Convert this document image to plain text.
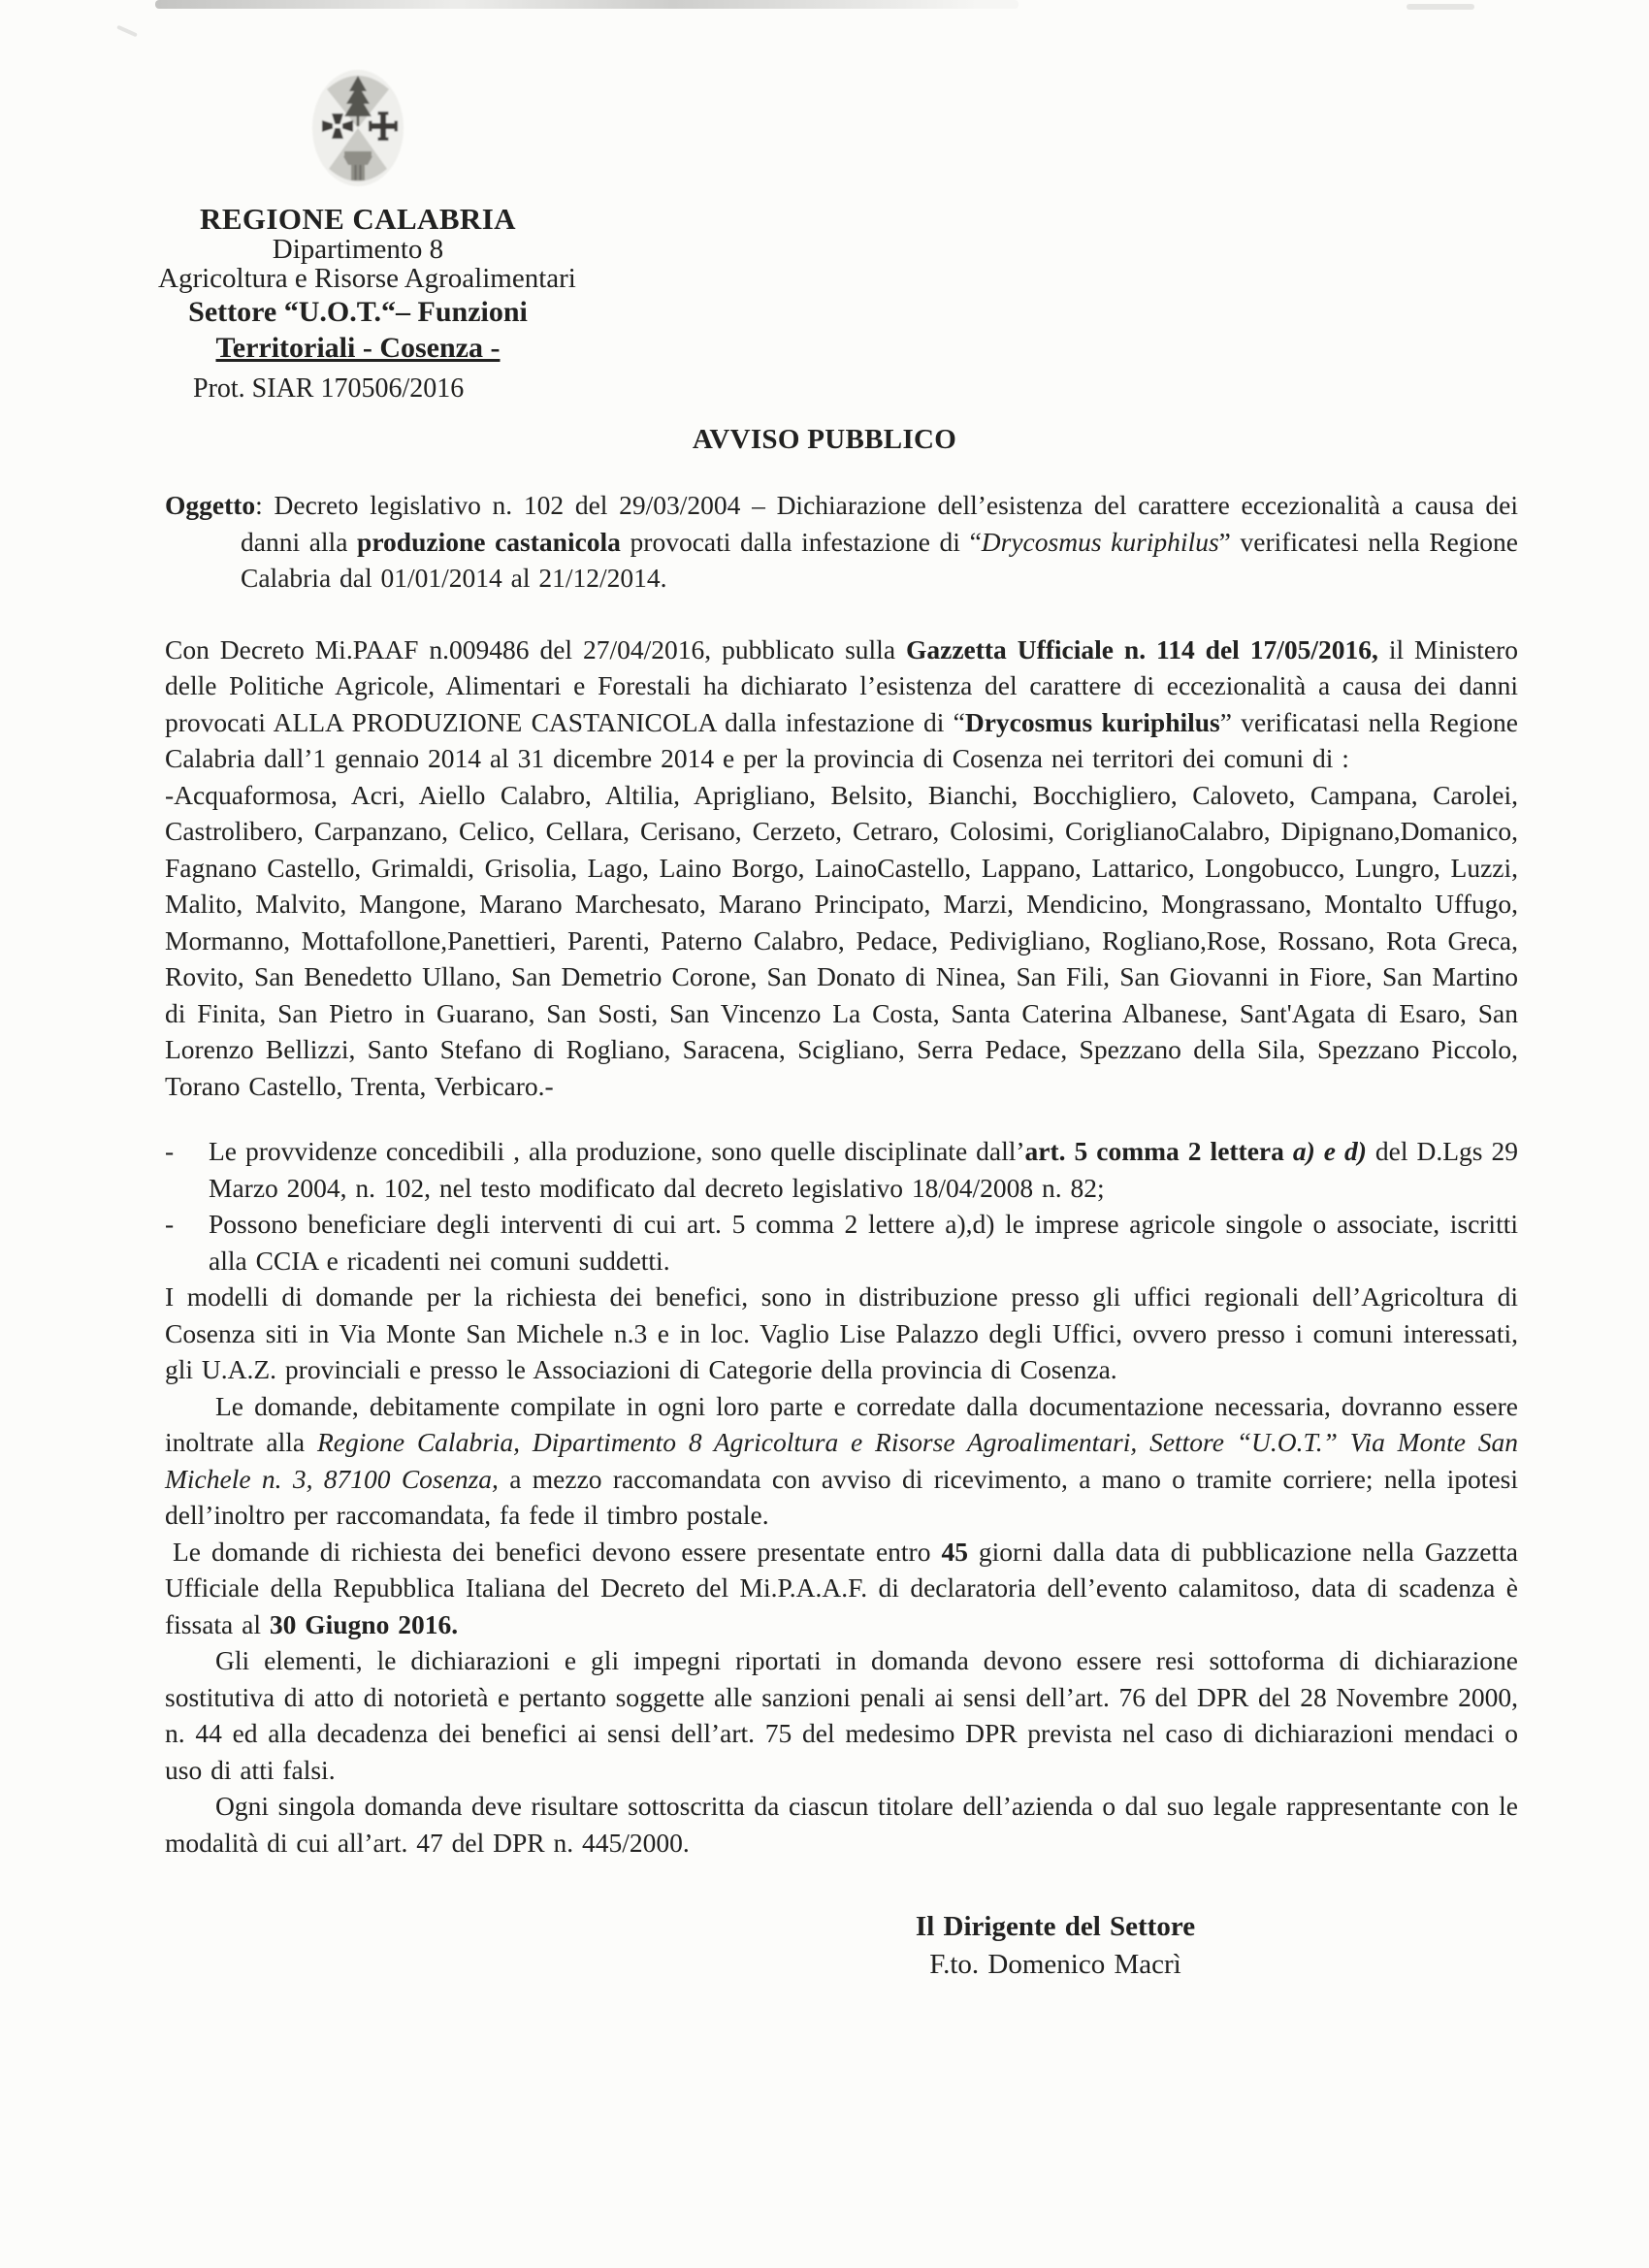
REGIONE CALABRIA
Dipartimento 8
Agricoltura e Risorse Agroalimentari
Settore “U.O.T.“– Funzioni
Territoriali - Cosenza -
Prot. SIAR 170506/2016
AVVISO PUBBLICO

Oggetto: Decreto legislativo n. 102 del 29/03/2004 – Dichiarazione dell’esistenza del carattere eccezionalità a causa dei danni alla produzione castanicola provocati dalla infestazione di “Drycosmus kuriphilus” verificatesi nella Regione Calabria dal 01/01/2014 al 21/12/2014.

Con Decreto Mi.PAAF n.009486 del 27/04/2016, pubblicato sulla Gazzetta Ufficiale n. 114 del 17/05/2016, il Ministero delle Politiche Agricole, Alimentari e Forestali ha dichiarato l’esistenza del carattere di eccezionalità a causa dei danni provocati ALLA PRODUZIONE CASTANICOLA dalla infestazione di “Drycosmus kuriphilus” verificatasi nella Regione Calabria dall’1 gennaio 2014 al 31 dicembre 2014 e per la provincia di Cosenza nei territori dei comuni di :

-Acquaformosa, Acri, Aiello Calabro, Altilia, Aprigliano, Belsito, Bianchi, Bocchigliero, Caloveto, Campana, Carolei, Castrolibero, Carpanzano, Celico, Cellara, Cerisano, Cerzeto, Cetraro, Colosimi, CoriglianoCalabro, Dipignano,Domanico, Fagnano Castello, Grimaldi, Grisolia, Lago, Laino Borgo, LainoCastello, Lappano, Lattarico, Longobucco, Lungro, Luzzi, Malito, Malvito, Mangone, Marano Marchesato, Marano Principato, Marzi, Mendicino, Mongrassano, Montalto Uffugo, Mormanno, Mottafollone,Panettieri, Parenti, Paterno Calabro, Pedace, Pedivigliano, Rogliano,Rose, Rossano, Rota Greca, Rovito, San Benedetto Ullano, San Demetrio Corone, San Donato di Ninea, San Fili, San Giovanni in Fiore, San Martino di Finita, San Pietro in Guarano, San Sosti, San Vincenzo La Costa, Santa Caterina Albanese, Sant'Agata di Esaro, San Lorenzo Bellizzi, Santo Stefano di Rogliano, Saracena, Scigliano, Serra Pedace, Spezzano della Sila, Spezzano Piccolo, Torano Castello, Trenta, Verbicaro.-

-	Le provvidenze concedibili , alla produzione, sono quelle disciplinate dall’art. 5 comma 2 lettera a) e d) del D.Lgs 29 Marzo 2004, n. 102, nel testo modificato dal decreto legislativo 18/04/2008 n. 82;

-	Possono beneficiare degli interventi di cui art. 5 comma 2 lettere a),d) le imprese agricole singole o associate, iscritti alla CCIA e ricadenti nei comuni suddetti.

I modelli di domande per la richiesta dei benefici, sono in distribuzione presso gli uffici regionali dell’Agricoltura di Cosenza siti in Via Monte San Michele n.3 e in loc. Vaglio Lise Palazzo degli Uffici, ovvero presso i comuni interessati, gli U.A.Z. provinciali e presso le Associazioni di Categorie della provincia di Cosenza.

Le domande, debitamente compilate in ogni loro parte e corredate dalla documentazione necessaria, dovranno essere inoltrate alla Regione Calabria, Dipartimento 8 Agricoltura e Risorse Agroalimentari, Settore “U.O.T.” Via Monte San Michele n. 3, 87100 Cosenza, a mezzo raccomandata con avviso di ricevimento, a mano o tramite corriere; nella ipotesi dell’inoltro per raccomandata, fa fede il timbro postale.

Le domande di richiesta dei benefici devono essere presentate entro 45 giorni dalla data di pubblicazione nella Gazzetta Ufficiale della Repubblica Italiana del Decreto del Mi.P.A.A.F. di declaratoria dell’evento calamitoso, data di scadenza è fissata al 30 Giugno 2016.

Gli elementi, le dichiarazioni e gli impegni riportati in domanda devono essere resi sottoforma di dichiarazione sostitutiva di atto di notorietà e pertanto soggette alle sanzioni penali ai sensi dell’art. 76 del DPR del 28 Novembre 2000, n. 44 ed alla decadenza dei benefici ai sensi dell’art. 75 del medesimo DPR prevista nel caso di dichiarazioni mendaci o uso di atti falsi.

Ogni singola domanda deve risultare sottoscritta da ciascun titolare dell’azienda o dal suo legale rappresentante con le modalità di cui all’art. 47 del DPR n. 445/2000.

Il Dirigente del Settore
F.to. Domenico Macrì
